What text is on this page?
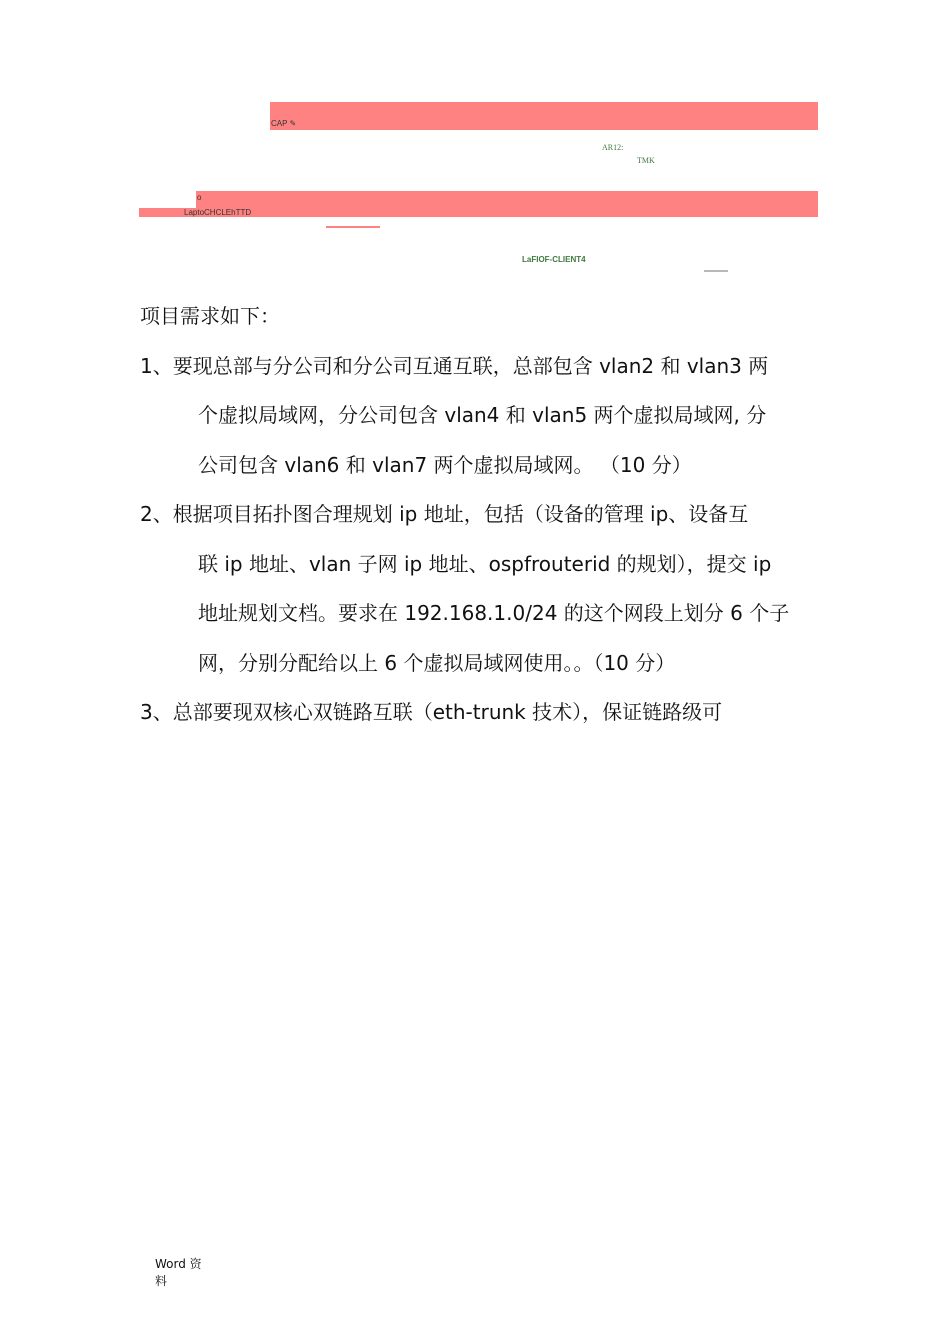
CAP ✎
AR12:
TMK
o
LaptoCHCLEhTTD
LaFIOF-CLIENT4
项目需求如下：
1、要现总部与分公司和分公司互通互联，总部包含 vlan2 和 vlan3 两
个虚拟局域网，分公司包含 vlan4 和 vlan5 两个虚拟局域网, 分
公司包含 vlan6 和 vlan7 两个虚拟局域网。 （10 分）
2、根据项目拓扑图合理规划 ip 地址，包括（设备的管理 ip、设备互
联 ip 地址、vlan 子网 ip 地址、ospfrouterid 的规划），提交 ip
地址规划文档。要求在 192.168.1.0/24 的这个网段上划分 6 个子
网，分别分配给以上 6 个虚拟局域网使用。。（10 分）
3、总部要现双核心双链路互联（eth-trunk 技术），保证链路级可
Word 资
料
